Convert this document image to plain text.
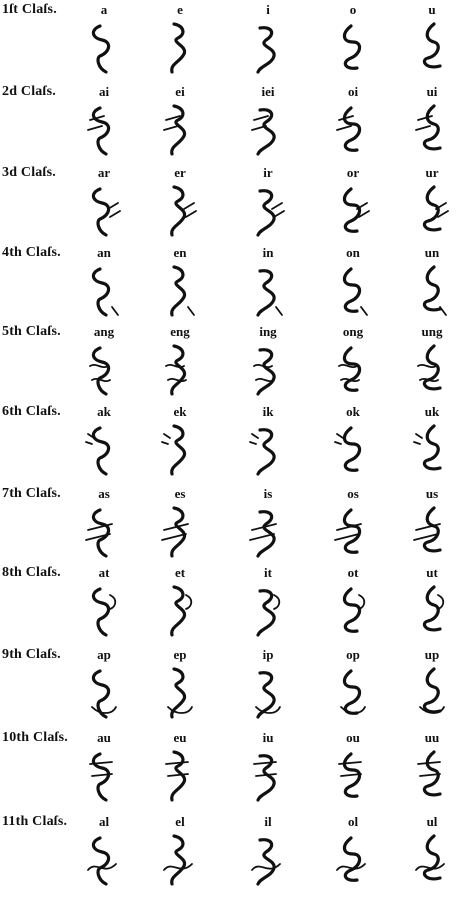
1ſt Claſs.	a	e	i	o	u
2d Claſs.	ai	ei	iei	oi	ui
3d Claſs.	ar	er	ir	or	ur
4th Claſs.	an	en	in	on	un
5th Claſs.	ang	eng	ing	ong	ung
6th Claſs.	ak	ek	ik	ok	uk
7th Claſs.	as	es	is	os	us
8th Claſs.	at	et	it	ot	ut
9th Claſs.	ap	ep	ip	op	up
10th Claſs.	au	eu	iu	ou	uu
11th Claſs.	al	el	il	ol	ul
